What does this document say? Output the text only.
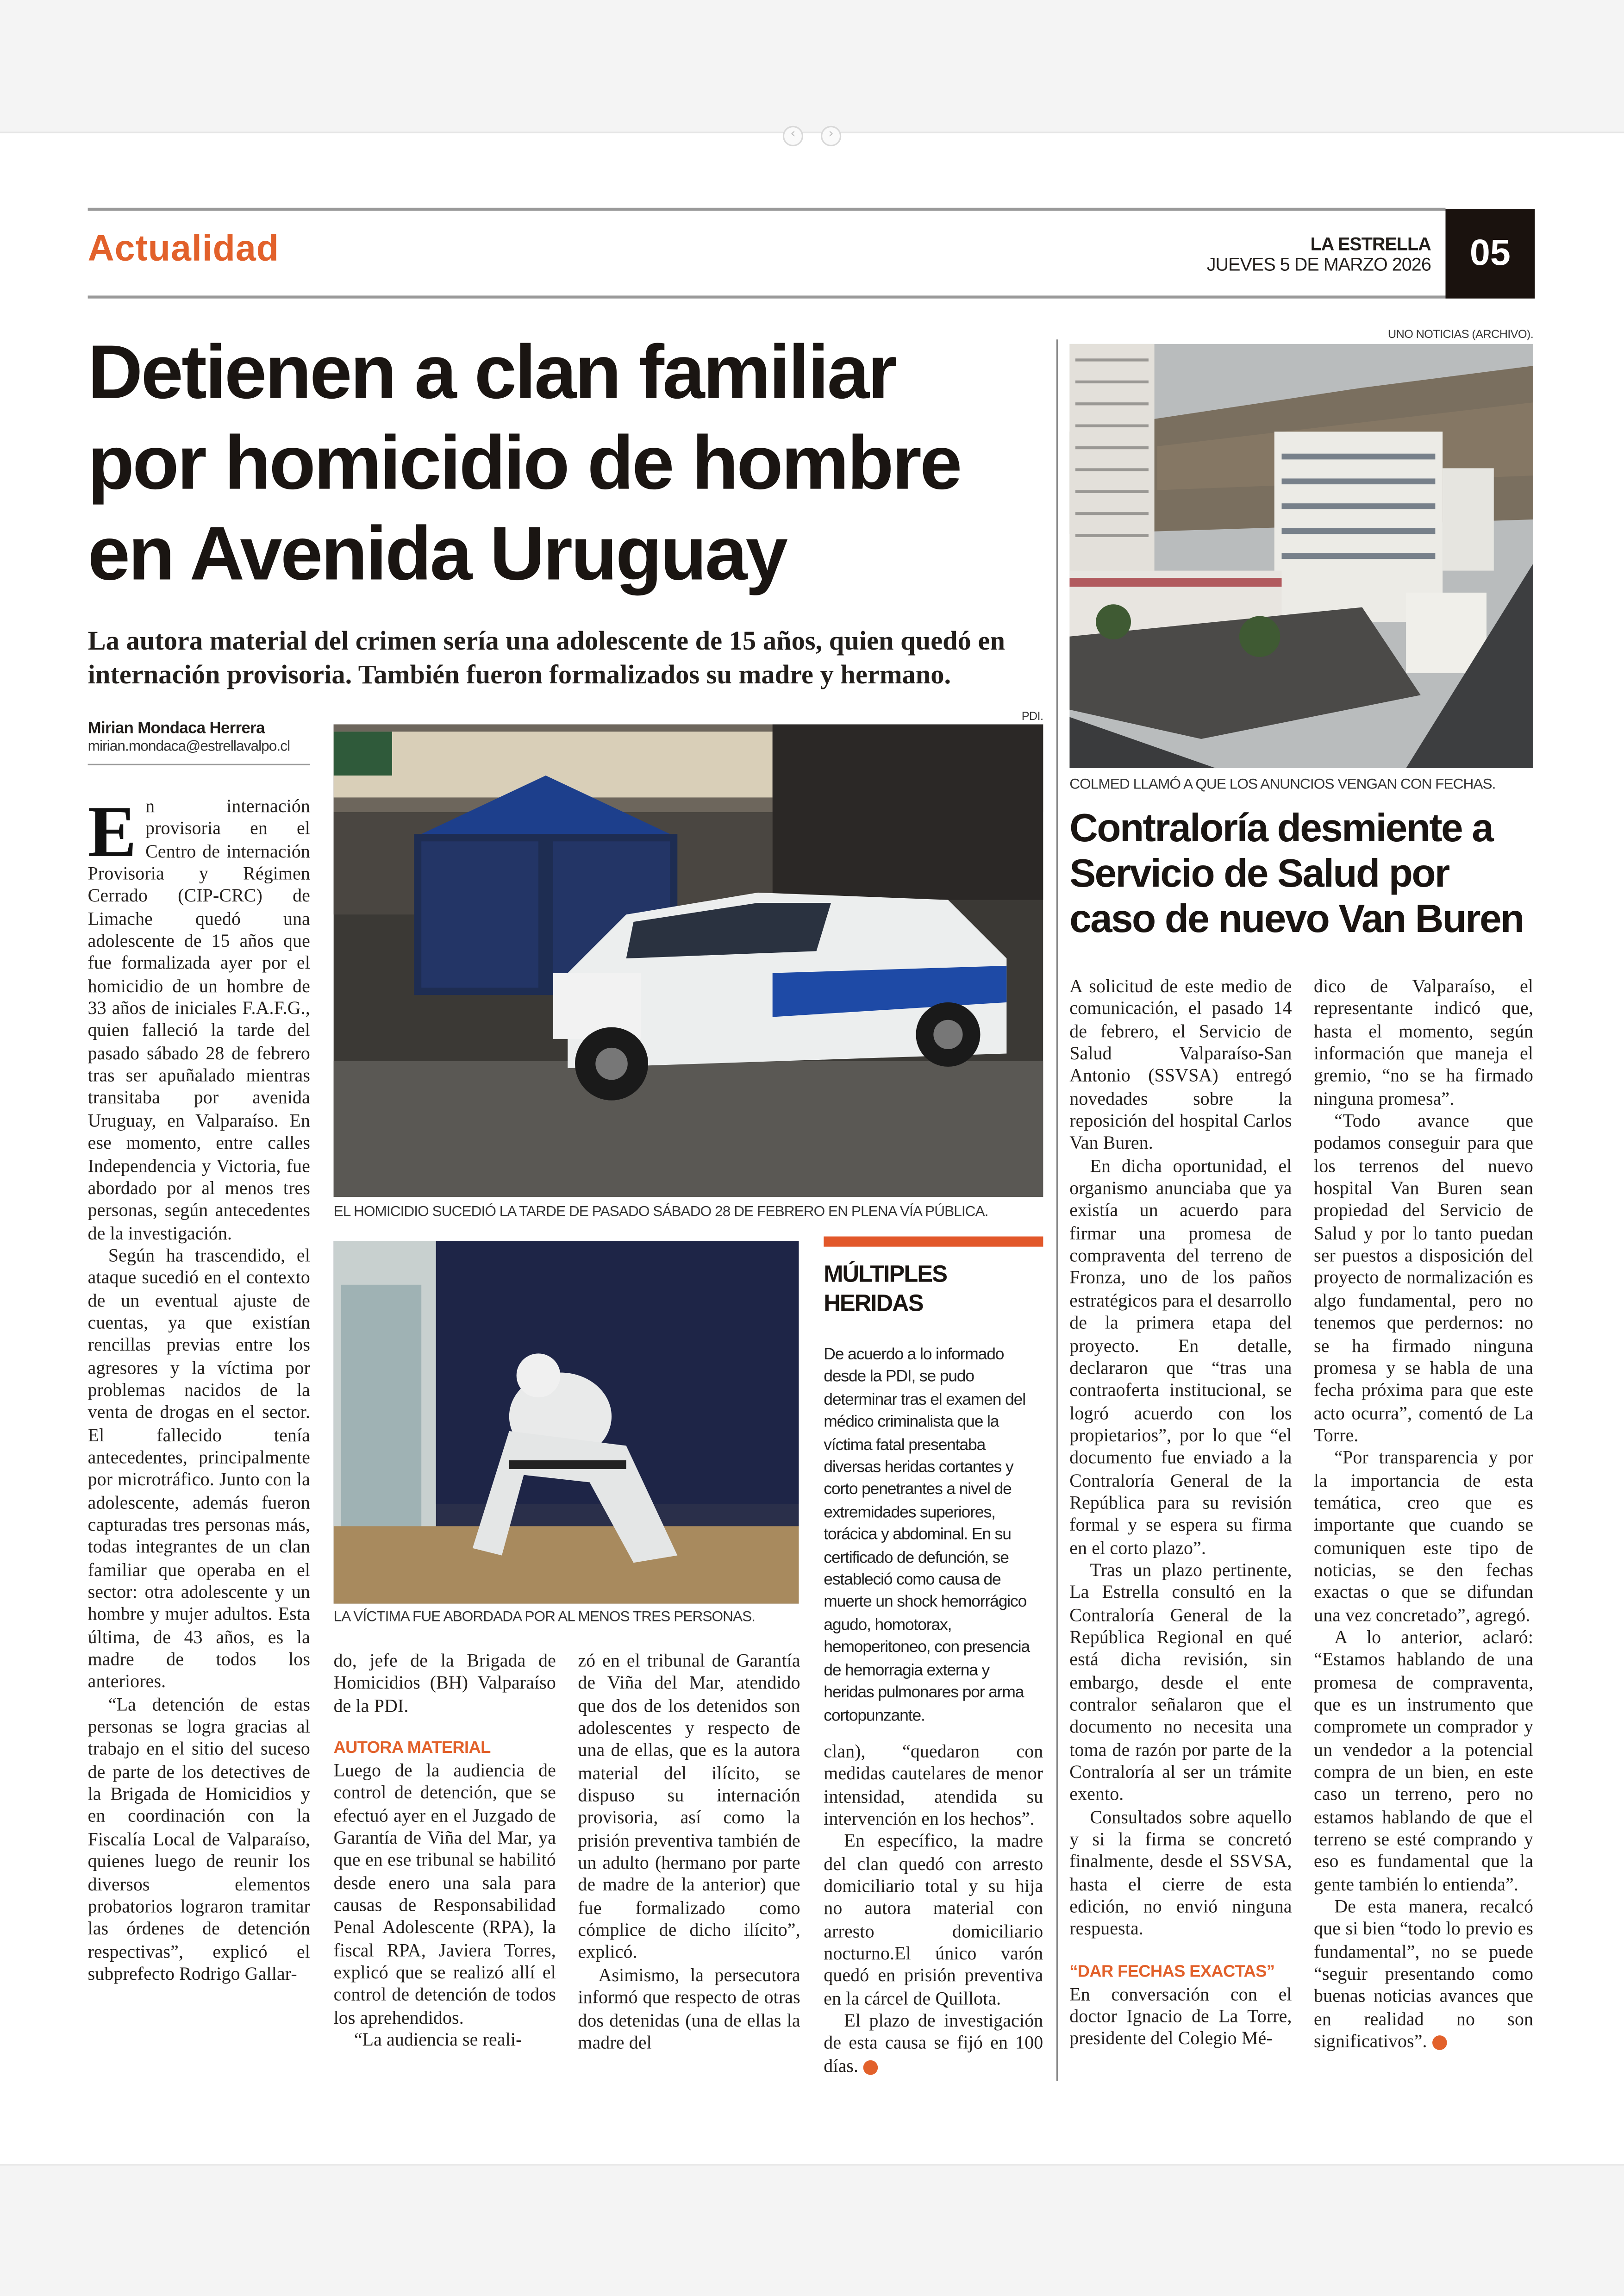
‹	›
Actualidad	LA ESTRELLA
JUEVES 5 DE MARZO 2026	05
Detienen a clan familiar
por homicidio de hombre
en Avenida Uruguay
La autora material del crimen sería una adolescente de 15 años, quien quedó en internación provisoria. También fueron formalizados su madre y hermano.
Mirian Mondaca Herrera
mirian.mondaca@estrellavalpo.cl

E n internación provisoria en el Centro de internación Provisoria y Régimen Cerrado (CIP-CRC) de Limache quedó una adolescente de 15 años que fue formalizada ayer por el homicidio de un hombre de 33 años de iniciales F.A.F.G., quien falleció la tarde del pasado sábado 28 de febrero tras ser apuñalado mientras transitaba por avenida Uruguay, en Valparaíso. En ese momento, entre calles Independencia y Victoria, fue abordado por al menos tres personas, según antecedentes de la investigación.

Según ha trascendido, el ataque sucedió en el contexto de un eventual ajuste de cuentas, ya que existían rencillas previas entre los agresores y la víctima por problemas nacidos de la venta de drogas en el sector. El fallecido tenía antecedentes, principalmente por microtráfico. Junto con la adolescente, además fueron capturadas tres personas más, todas integrantes de un clan familiar que operaba en el sector: otra adolescente y un hombre y mujer adultos. Esta última, de 43 años, es la madre de todos los anteriores.

“La detención de estas personas se logra gracias al trabajo en el sitio del suceso de parte de los detectives de la Brigada de Homicidios y en coordinación con la Fiscalía Local de Valparaíso, quienes luego de reunir los diversos elementos probatorios lograron tramitar las órdenes de detención respectivas”, explicó el subprefecto Rodrigo Gallar-

PDI.
EL HOMICIDIO SUCEDIÓ LA TARDE DE PASADO SÁBADO 28 DE FEBRERO EN PLENA VÍA PÚBLICA.
LA VÍCTIMA FUE ABORDADA POR AL MENOS TRES PERSONAS.
MÚLTIPLES HERIDAS
De acuerdo a lo informado desde la PDI, se pudo determinar tras el examen del médico criminalista que la víctima fatal presentaba diversas heridas cortantes y corto penetrantes a nivel de extremidades superiores, torácica y abdominal. En su certificado de defunción, se estableció como causa de muerte un shock hemorrágico agudo, homotorax, hemoperitoneo, con presencia de hemorragia externa y heridas pulmonares por arma cortopunzante.

do, jefe de la Brigada de Homicidios (BH) Valparaíso de la PDI.

AUTORA MATERIAL

Luego de la audiencia de control de detención, que se efectuó ayer en el Juzgado de Garantía de Viña del Mar, ya que en ese tribunal se habilitó desde enero una sala para causas de Responsabilidad Penal Adolescente (RPA), la fiscal RPA, Javiera Torres, explicó que se realizó allí el control de detención de todos los aprehendidos.

“La audiencia se reali-

zó en el tribunal de Garantía de Viña del Mar, atendido que dos de los detenidos son adolescentes y respecto de una de ellas, que es la autora material del ilícito, se dispuso su internación provisoria, así como la prisión preventiva también de un adulto (hermano por parte de madre de la anterior) que fue formalizado como cómplice de dicho ilícito”, explicó.

Asimismo, la persecutora informó que respecto de otras dos detenidas (una de ellas la madre del

clan), “quedaron con medidas cautelares de menor intensidad, atendida su intervención en los hechos”.

En específico, la madre del clan quedó con arresto domiciliario total y su hija no autora material con arresto domiciliario nocturno.El único varón quedó en prisión preventiva en la cárcel de Quillota.

El plazo de investigación de esta causa se fijó en 100 días.	✪

UNO NOTICIAS (ARCHIVO).
COLMED LLAMÓ A QUE LOS ANUNCIOS VENGAN CON FECHAS.
Contraloría desmiente a
Servicio de Salud por
caso de nuevo Van Buren

A solicitud de este medio de comunicación, el pasado 14 de febrero, el Servicio de Salud Valparaíso-San Antonio (SSVSA) entregó novedades sobre la reposición del hospital Carlos Van Buren.

En dicha oportunidad, el organismo anunciaba que ya existía un acuerdo para firmar una promesa de compraventa del terreno de Fronza, uno de los paños estratégicos para el desarrollo de la primera etapa del proyecto. En detalle, declararon que “tras una contraoferta institucional, se logró acuerdo con los propietarios”, por lo que “el documento fue enviado a la Contraloría General de la República para su revisión formal y se espera su firma en el corto plazo”.

Tras un plazo pertinente, La Estrella consultó en la Contraloría General de la República Regional en qué está dicha revisión, sin embargo, desde el ente contralor señalaron que el documento no necesita una toma de razón por parte de la Contraloría al ser un trámite exento.

Consultados sobre aquello y si la firma se concretó finalmente, desde el SSVSA, hasta el cierre de esta edición, no envió ninguna respuesta.

“DAR FECHAS EXACTAS”

En conversación con el doctor Ignacio de La Torre, presidente del Colegio Mé-

dico de Valparaíso, el representante indicó que, hasta el momento, según información que maneja el gremio, “no se ha firmado ninguna promesa”.

“Todo avance que podamos conseguir para que los terrenos del nuevo hospital Van Buren sean propiedad del Servicio de Salud y por lo tanto puedan ser puestos a disposición del proyecto de normalización es algo fundamental, pero no tenemos que perdernos: no se ha firmado ninguna promesa y se habla de una fecha próxima para que este acto ocurra”, comentó de La Torre.

“Por transparencia y por la importancia de esta temática, creo que es importante que cuando se comuniquen este tipo de noticias, se den fechas exactas o que se difundan una vez concretado”, agregó.

A lo anterior, aclaró: “Estamos hablando de una promesa de compraventa, que es un instrumento que compromete un comprador y un vendedor a la potencial compra de un bien, en este caso un terreno, pero no estamos hablando de que el terreno se esté comprando y eso es fundamental que la gente también lo entienda”.

De esta manera, recalcó que si bien “todo lo previo es fundamental”, no se puede “seguir presentando como buenas noticias avances que en realidad no son significativos”.	✪
